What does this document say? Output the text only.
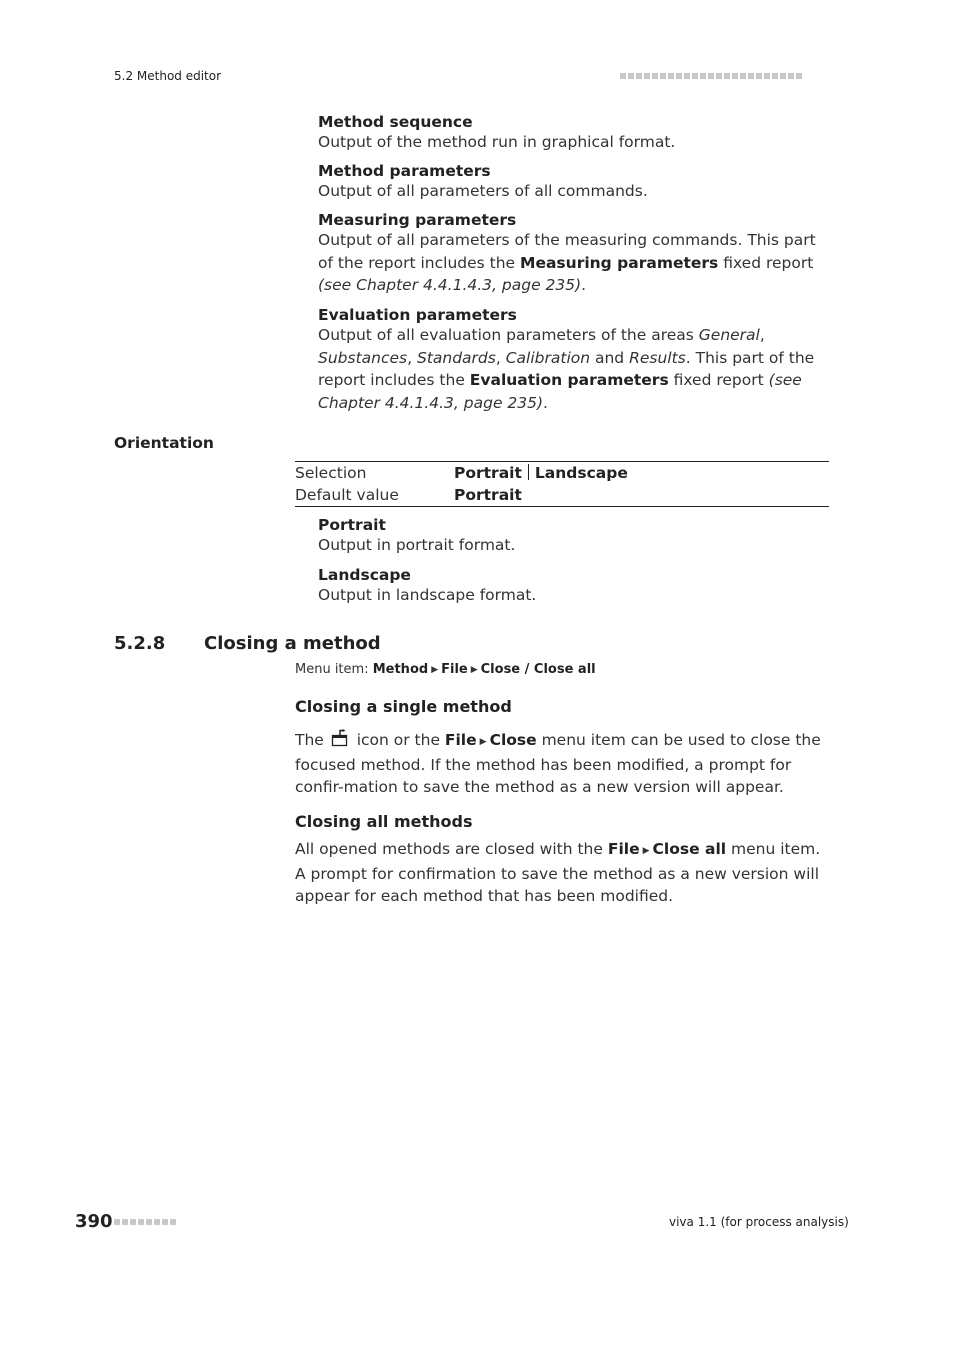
5.2 Method editor
Method sequence
Output of the method run in graphical format.
Method parameters
Output of all parameters of all commands.
Measuring parameters
Output of all parameters of the measuring commands. This part of the report includes the Measuring parameters fixed report (see Chapter 4.4.1.4.3, page 235).
Evaluation parameters
Output of all evaluation parameters of the areas General, Substances, Standards, Calibration and Results. This part of the report includes the Evaluation parameters fixed report (see Chapter 4.4.1.4.3, page 235).
Orientation
Selection	Portrait Landscape
Default value	Portrait
Portrait
Output in portrait format.
Landscape
Output in landscape format.
5.2.8 Closing a method
Menu item: Method ▶ File ▶ Close / Close all
Closing a single method
The  icon or the File ▶ Close menu item can be used to close the focused method. If the method has been modified, a prompt for confir-mation to save the method as a new version will appear.
Closing all methods
All opened methods are closed with the File ▶ Close all menu item. A prompt for confirmation to save the method as a new version will appear for each method that has been modified.
390	viva 1.1 (for process analysis)
